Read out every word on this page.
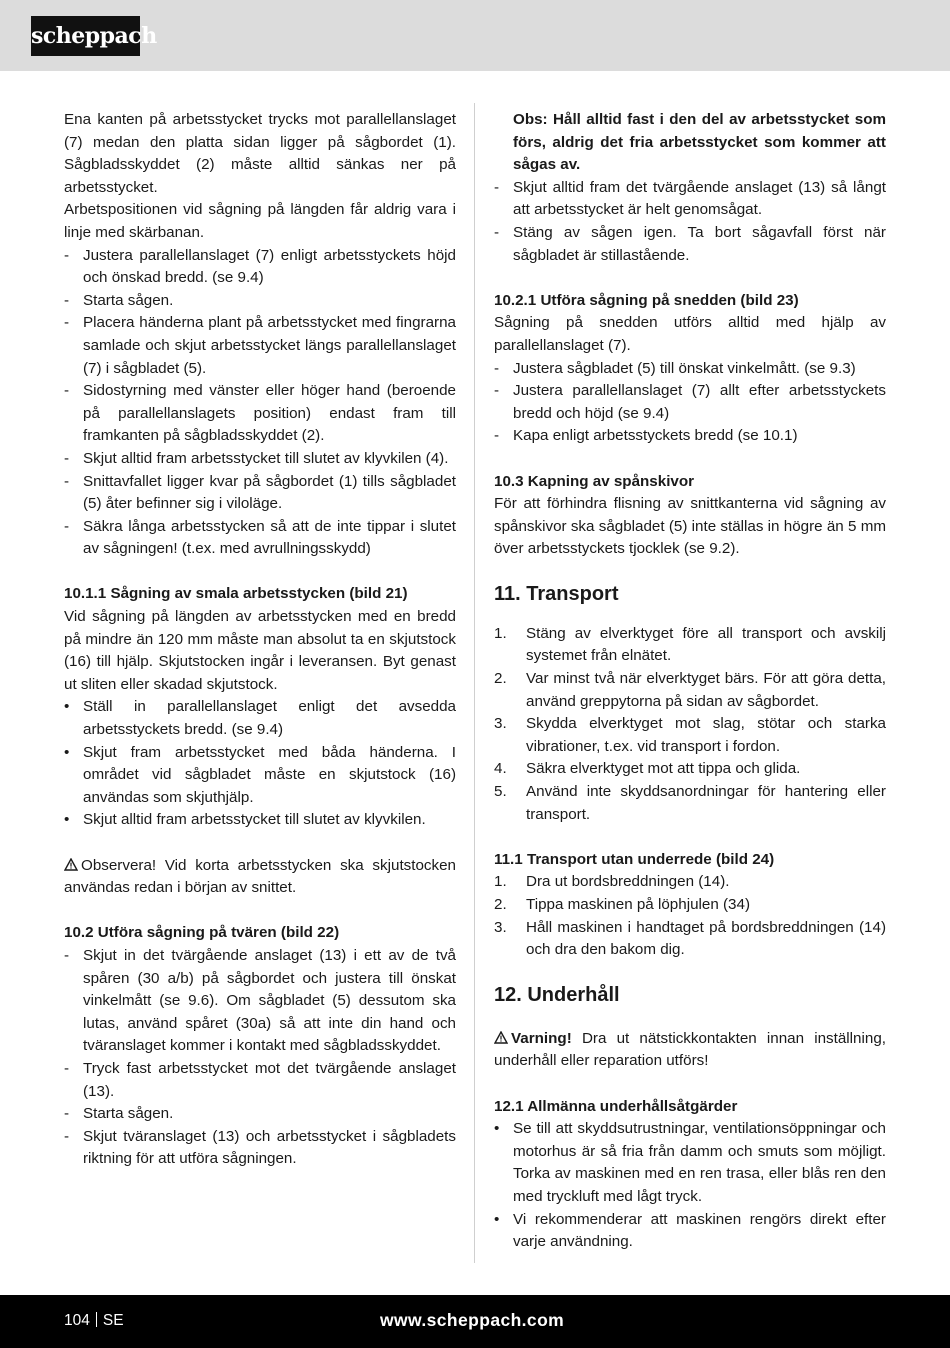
scheppach

Ena kanten på arbetsstycket trycks mot parallellanslaget (7) medan den platta sidan ligger på sågbordet (1). Sågbladsskyddet (2) måste alltid sänkas ner på arbetsstycket.

Arbetspositionen vid sågning på längden får aldrig vara i linje med skärbanan.

- Justera parallellanslaget (7) enligt arbetsstyckets höjd och önskad bredd. (se 9.4)
- Starta sågen.
- Placera händerna plant på arbetsstycket med fingrarna samlade och skjut arbetsstycket längs parallellanslaget (7) i sågbladet (5).
- Sidostyrning med vänster eller höger hand (beroende på parallellanslagets position) endast fram till framkanten på sågbladsskyddet (2).
- Skjut alltid fram arbetsstycket till slutet av klyvkilen (4).
- Snittavfallet ligger kvar på sågbordet (1) tills sågbladet (5) åter befinner sig i viloläge.
- Säkra långa arbetsstycken så att de inte tippar i slutet av sågningen! (t.ex. med avrullningsskydd)
10.1.1 Sågning av smala arbetsstycken (bild 21)

Vid sågning på längden av arbetsstycken med en bredd på mindre än 120 mm måste man absolut ta en skjutstock (16) till hjälp. Skjutstocken ingår i leveransen. Byt genast ut sliten eller skadad skjutstock.

• Ställ in parallellanslaget enligt det avsedda arbetsstyckets bredd. (se 9.4)
• Skjut fram arbetsstycket med båda händerna. I området vid sågbladet måste en skjutstock (16) användas som skjuthjälp.
• Skjut alltid fram arbetsstycket till slutet av klyvkilen.

Observera! Vid korta arbetsstycken ska skjutstocken användas redan i början av snittet.

10.2 Utföra sågning på tvären (bild 22)
- Skjut in det tvärgående anslaget (13) i ett av de två spåren (30 a/b) på sågbordet och justera till önskat vinkelmått (se 9.6). Om sågbladet (5) dessutom ska lutas, använd spåret (30a) så att inte din hand och tväranslaget kommer i kontakt med sågbladsskyddet.
- Tryck fast arbetsstycket mot det tvärgående anslaget (13).
- Starta sågen.
- Skjut tväranslaget (13) och arbetsstycket i sågbladets riktning för att utföra sågningen.

Obs: Håll alltid fast i den del av arbetsstycket som förs, aldrig det fria arbetsstycket som kommer att sågas av.

- Skjut alltid fram det tvärgående anslaget (13) så långt att arbetsstycket är helt genomsågat.
- Stäng av sågen igen. Ta bort sågavfall först när sågbladet är stillastående.
10.2.1 Utföra sågning på snedden (bild 23)

Sågning på snedden utförs alltid med hjälp av parallellanslaget (7).

- Justera sågbladet (5) till önskat vinkelmått. (se 9.3)
- Justera parallellanslaget (7) allt efter arbetsstyckets bredd och höjd (se 9.4)
- Kapa enligt arbetsstyckets bredd (se 10.1)
10.3 Kapning av spånskivor

För att förhindra flisning av snittkanterna vid sågning av spånskivor ska sågbladet (5) inte ställas in högre än 5 mm över arbetsstyckets tjocklek (se 9.2).

11. Transport
1. Stäng av elverktyget före all transport och avskilj systemet från elnätet.
2. Var minst två när elverktyget bärs. För att göra detta, använd greppytorna på sidan av sågbordet.
3. Skydda elverktyget mot slag, stötar och starka vibrationer, t.ex. vid transport i fordon.
4. Säkra elverktyget mot att tippa och glida.
5. Använd inte skyddsanordningar för hantering eller transport.
11.1 Transport utan underrede (bild 24)
1. Dra ut bordsbreddningen (14).
2. Tippa maskinen på löphjulen (34)
3. Håll maskinen i handtaget på bordsbreddningen (14) och dra den bakom dig.
12. Underhåll

Varning! Dra ut nätstickkontakten innan inställning, underhåll eller reparation utförs!

12.1 Allmänna underhållsåtgärder
• Se till att skyddsutrustningar, ventilationsöppningar och motorhus är så fria från damm och smuts som möjligt. Torka av maskinen med en ren trasa, eller blås ren den med tryckluft med lågt tryck.
• Vi rekommenderar att maskinen rengörs direkt efter varje användning.
104 SE	www.scheppach.com
